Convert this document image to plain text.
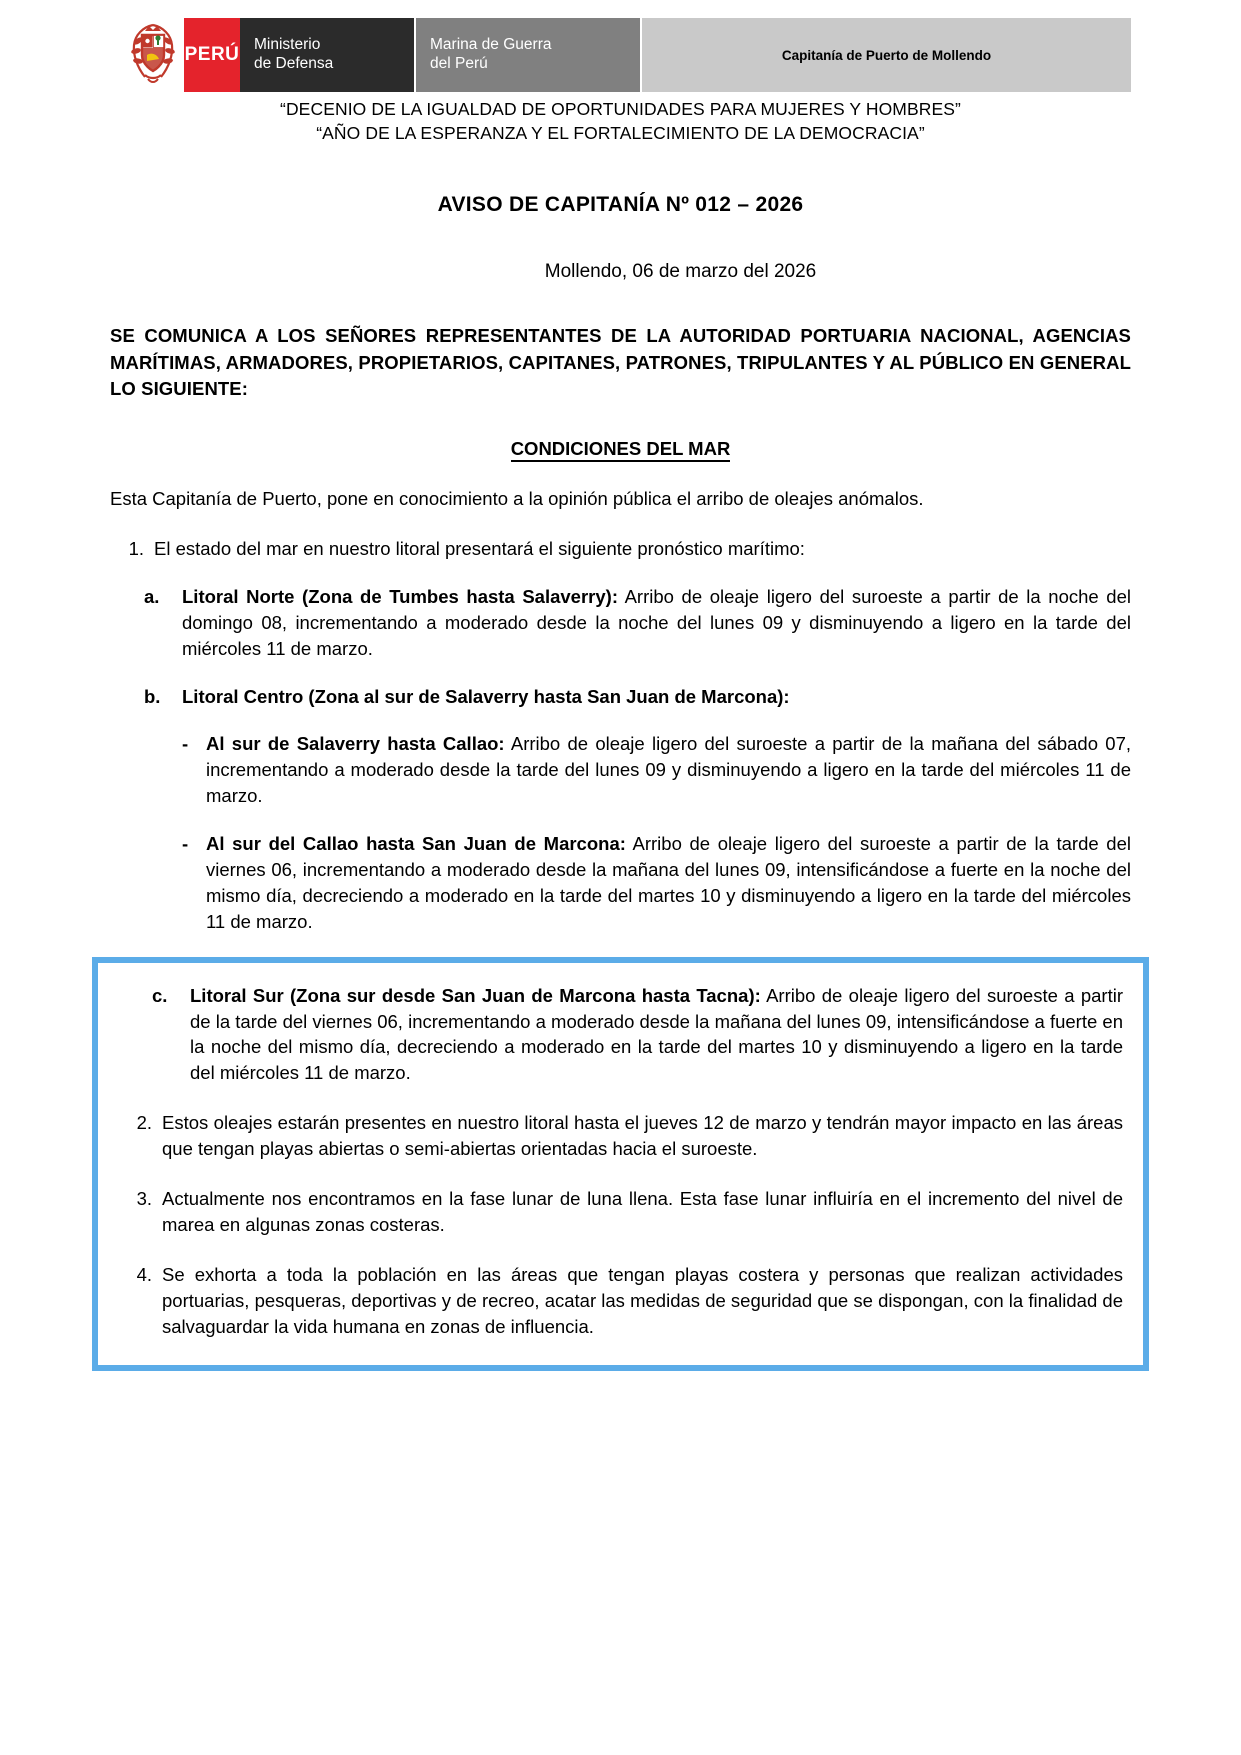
PERÚ Ministerio
de Defensa
Marina de Guerra
del Perú	Capitanía de Puerto de Mollendo
“DECENIO DE LA IGUALDAD DE OPORTUNIDADES PARA MUJERES Y HOMBRES”
“AÑO DE LA ESPERANZA Y EL FORTALECIMIENTO DE LA DEMOCRACIA”
AVISO DE CAPITANÍA Nº 012 – 2026
Mollendo, 06 de marzo del 2026
SE COMUNICA A LOS SEÑORES REPRESENTANTES DE LA AUTORIDAD PORTUARIA NACIONAL, AGENCIAS MARÍTIMAS, ARMADORES, PROPIETARIOS, CAPITANES, PATRONES, TRIPULANTES Y AL PÚBLICO EN GENERAL LO SIGUIENTE:
CONDICIONES DEL MAR
Esta Capitanía de Puerto, pone en conocimiento a la opinión pública el arribo de oleajes anómalos.
1. El estado del mar en nuestro litoral presentará el siguiente pronóstico marítimo:
a.	Litoral Norte (Zona de Tumbes hasta Salaverry): Arribo de oleaje ligero del suroeste a partir de la noche del domingo 08, incrementando a moderado desde la noche del lunes 09 y disminuyendo a ligero en la tarde del miércoles 11 de marzo.
b.	Litoral Centro (Zona al sur de Salaverry hasta San Juan de Marcona):
- Al sur de Salaverry hasta Callao: Arribo de oleaje ligero del suroeste a partir de la mañana del sábado 07, incrementando a moderado desde la tarde del lunes 09 y disminuyendo a ligero en la tarde del miércoles 11 de marzo.
- Al sur del Callao hasta San Juan de Marcona: Arribo de oleaje ligero del suroeste a partir de la tarde del viernes 06, incrementando a moderado desde la mañana del lunes 09, intensificándose a fuerte en la noche del mismo día, decreciendo a moderado en la tarde del martes 10 y disminuyendo a ligero en la tarde del miércoles 11 de marzo.
c.	Litoral Sur (Zona sur desde San Juan de Marcona hasta Tacna): Arribo de oleaje ligero del suroeste a partir de la tarde del viernes 06, incrementando a moderado desde la mañana del lunes 09, intensificándose a fuerte en la noche del mismo día, decreciendo a moderado en la tarde del martes 10 y disminuyendo a ligero en la tarde del miércoles 11 de marzo.
2. Estos oleajes estarán presentes en nuestro litoral hasta el jueves 12 de marzo y tendrán mayor impacto en las áreas que tengan playas abiertas o semi-abiertas orientadas hacia el suroeste.
3. Actualmente nos encontramos en la fase lunar de luna llena. Esta fase lunar influiría en el incremento del nivel de marea en algunas zonas costeras.
4. Se exhorta a toda la población en las áreas que tengan playas costera y personas que realizan actividades portuarias, pesqueras, deportivas y de recreo, acatar las medidas de seguridad que se dispongan, con la finalidad de salvaguardar la vida humana en zonas de influencia.
